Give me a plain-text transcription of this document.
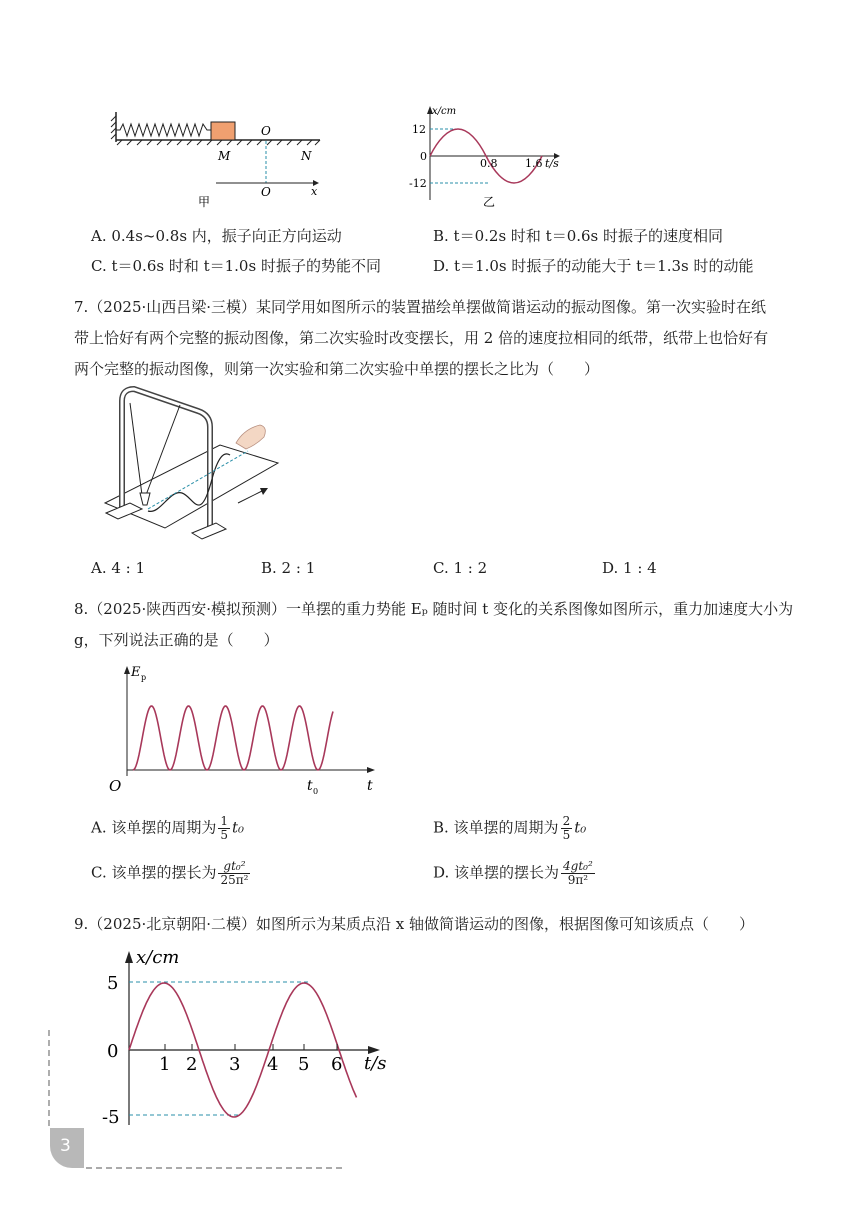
O
M	N
O	x
甲
x/cm
12
0
-12
0.8	1.6 t/s
乙
A. 0.4s~0.8s 内，振子向正方向运动	B. t＝0.2s 时和 t＝0.6s 时振子的速度相同
C. t＝0.6s 时和 t＝1.0s 时振子的势能不同	D. t＝1.0s 时振子的动能大于 t＝1.3s 时的动能
7.（2025·山西吕梁·三模）某同学用如图所示的装置描绘单摆做简谐运动的振动图像。第一次实验时在纸
带上恰好有两个完整的振动图像，第二次实验时改变摆长，用 2 倍的速度拉相同的纸带，纸带上也恰好有
两个完整的振动图像，则第一次实验和第二次实验中单摆的摆长之比为（　　）
A. 4 : 1	B. 2 : 1	C. 1 : 2	D. 1 : 4
8.（2025·陕西西安·模拟预测）一单摆的重力势能 Eₚ 随时间 t 变化的关系图像如图所示，重力加速度大小为
g，下列说法正确的是（　　）
E p
O	t 0	t
A. 该单摆的周期为 $\frac{1}{5} t_0$	B. 该单摆的周期为 $\frac{2}{5} t_0$
C. 该单摆的摆长为 $\frac{\text{gt₀²}}{\text{25π²}}$	D. 该单摆的摆长为 $\frac{\text{4gt₀²}}{\text{9π²}}$
9.（2025·北京朝阳·二模）如图所示为某质点沿 x 轴做简谐运动的图像，根据图像可知该质点（　　）
x/cm
5
0
-5
1 2 3 4 5 6 t/s
3
